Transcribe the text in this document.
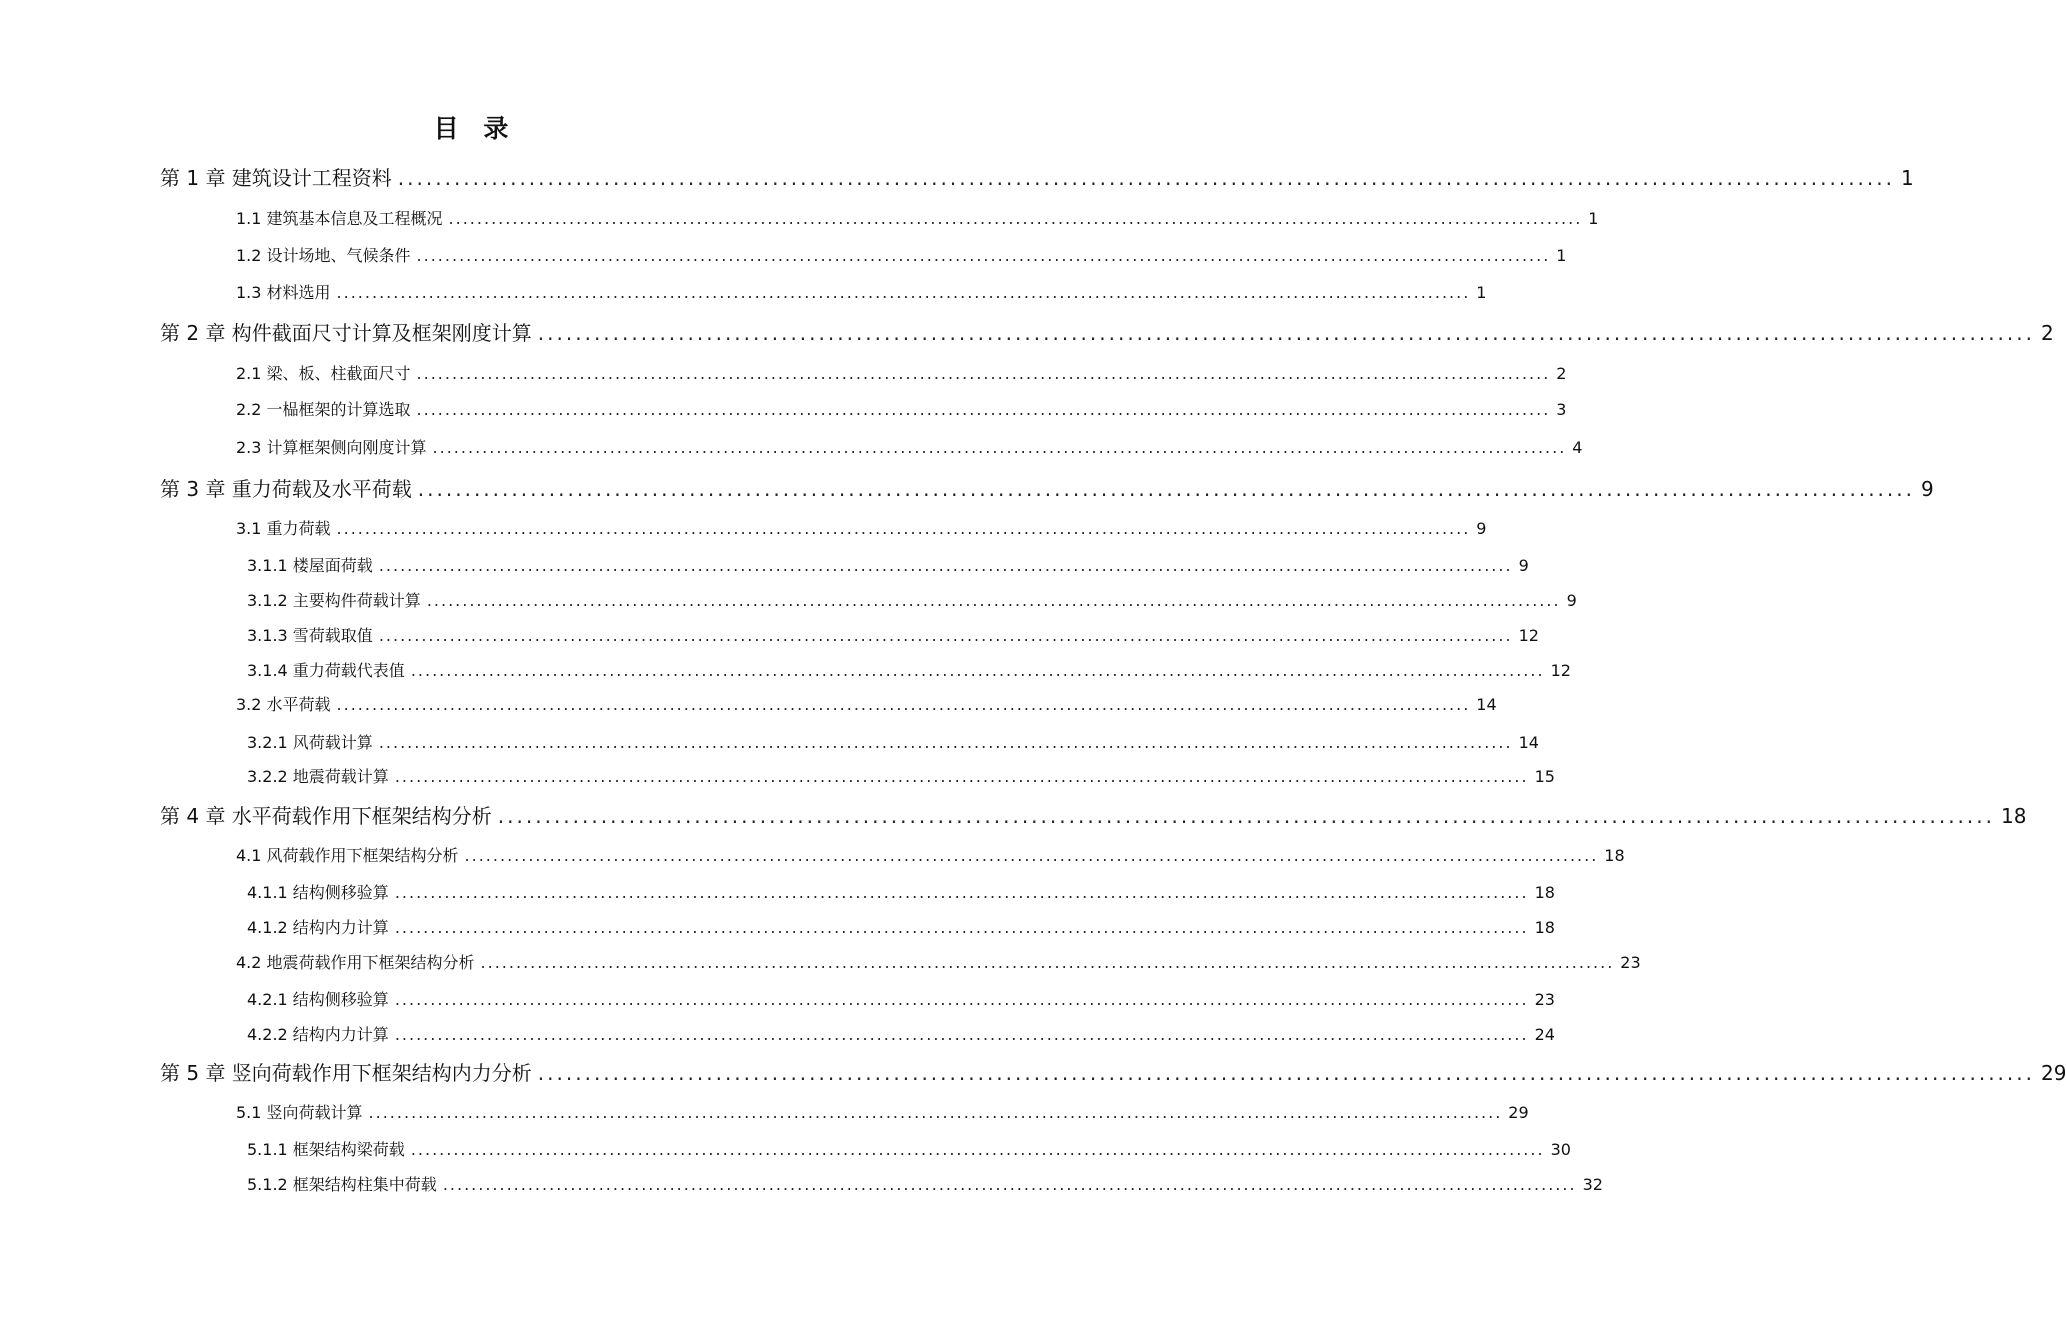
目 录
第 1 章 建筑设计工程资料 ................................................................................................................................................................ 1
1.1 建筑基本信息及工程概况 ................................................................................................................................................................ 1
1.2 设计场地、气候条件 ................................................................................................................................................................ 1
1.3 材料选用 ................................................................................................................................................................ 1
第 2 章 构件截面尺寸计算及框架刚度计算 ................................................................................................................................................................ 2
2.1 梁、板、柱截面尺寸 ................................................................................................................................................................ 2
2.2 一榀框架的计算选取 ................................................................................................................................................................ 3
2.3 计算框架侧向刚度计算 ................................................................................................................................................................ 4
第 3 章 重力荷载及水平荷载 ................................................................................................................................................................ 9
3.1 重力荷载 ................................................................................................................................................................ 9
3.1.1 楼屋面荷载 ................................................................................................................................................................ 9
3.1.2 主要构件荷载计算 ................................................................................................................................................................ 9
3.1.3 雪荷载取值 ................................................................................................................................................................ 12
3.1.4 重力荷载代表值 ................................................................................................................................................................ 12
3.2 水平荷载 ................................................................................................................................................................ 14
3.2.1 风荷载计算 ................................................................................................................................................................ 14
3.2.2 地震荷载计算 ................................................................................................................................................................ 15
第 4 章 水平荷载作用下框架结构分析 ................................................................................................................................................................ 18
4.1 风荷载作用下框架结构分析 ................................................................................................................................................................ 18
4.1.1 结构侧移验算 ................................................................................................................................................................ 18
4.1.2 结构内力计算 ................................................................................................................................................................ 18
4.2 地震荷载作用下框架结构分析 ................................................................................................................................................................ 23
4.2.1 结构侧移验算 ................................................................................................................................................................ 23
4.2.2 结构内力计算 ................................................................................................................................................................ 24
第 5 章 竖向荷载作用下框架结构内力分析 ................................................................................................................................................................ 29
5.1 竖向荷载计算 ................................................................................................................................................................ 29
5.1.1 框架结构梁荷载 ................................................................................................................................................................ 30
5.1.2 框架结构柱集中荷载 ................................................................................................................................................................ 32
